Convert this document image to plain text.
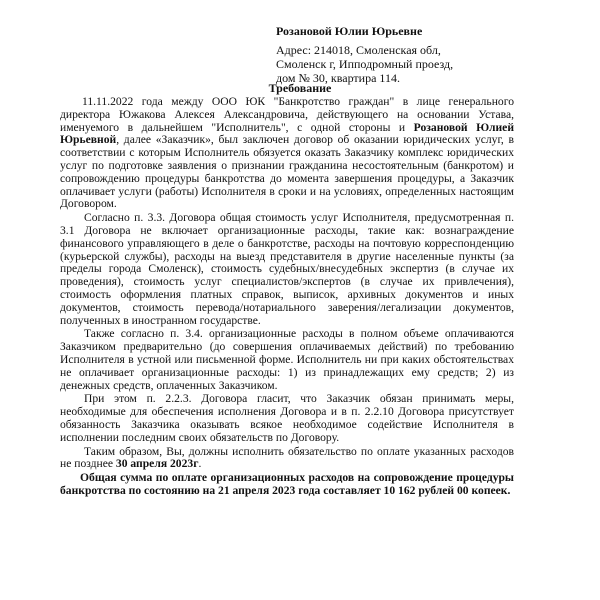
Розановой Юлии Юрьевне
Адрес: 214018, Смоленская обл,
Смоленск г, Ипподромный проезд,
дом № 30, квартира 114.
Требование

11.11.2022 года между ООО ЮК "Банкротство граждан" в лице генерального директора Южакова Алексея Александровича, действующего на основании Устава, именуемого в дальнейшем "Исполнитель", с одной стороны и Розановой Юлией Юрьевной, далее «Заказчик», был заключен договор об оказании юридических услуг, в соответствии с которым Исполнитель обязуется оказать Заказчику комплекс юридических услуг по подготовке заявления о признании гражданина несостоятельным (банкротом) и сопровождению процедуры банкротства до момента завершения процедуры, а Заказчик оплачивает услуги (работы) Исполнителя в сроки и на условиях, определенных настоящим Договором.

Согласно п. 3.3. Договора общая стоимость услуг Исполнителя, предусмотренная п. 3.1 Договора не включает организационные расходы, такие как: вознаграждение финансового управляющего в деле о банкротстве, расходы на почтовую корреспонденцию (курьерской службы), расходы на выезд представителя в другие населенные пункты (за пределы города Смоленск), стоимость судебных/внесудебных экспертиз (в случае их проведения), стоимость услуг специалистов/экспертов (в случае их привлечения), стоимость оформления платных справок, выписок, архивных документов и иных документов, стоимость перевода/нотариального заверения/легализации документов, полученных в иностранном государстве.

Также согласно п. 3.4. организационные расходы в полном объеме оплачиваются Заказчиком предварительно (до совершения оплачиваемых действий) по требованию Исполнителя в устной или письменной форме. Исполнитель ни при каких обстоятельствах не оплачивает организационные расходы: 1) из принадлежащих ему средств; 2) из денежных средств, оплаченных Заказчиком.

При этом п. 2.2.3. Договора гласит, что Заказчик обязан принимать меры, необходимые для обеспечения исполнения Договора и в п. 2.2.10 Договора присутствует обязанность Заказчика оказывать всякое необходимое содействие Исполнителя в исполнении последним своих обязательств по Договору.

Таким образом, Вы, должны исполнить обязательство по оплате указанных расходов не позднее 30 апреля 2023г.

Общая сумма по оплате организационных расходов на сопровождение процедуры банкротства по состоянию на 21 апреля 2023 года составляет 10 162 рублей 00 копеек.
